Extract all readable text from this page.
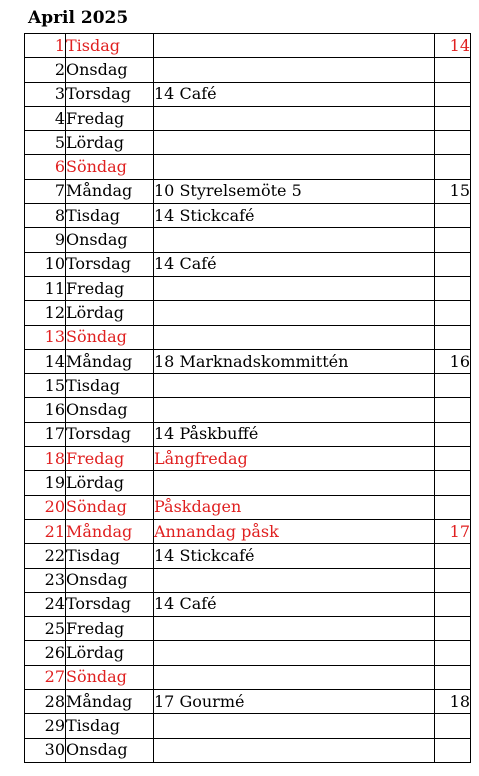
April 2025
1	Tisdag		14
2	Onsdag		
3	Torsdag	14 Café	
4	Fredag		
5	Lördag		
6	Söndag		
7	Måndag	10 Styrelsemöte 5	15
8	Tisdag	14 Stickcafé	
9	Onsdag		
10	Torsdag	14 Café	
11	Fredag		
12	Lördag		
13	Söndag		
14	Måndag	18 Marknadskommittén	16
15	Tisdag		
16	Onsdag		
17	Torsdag	14 Påskbuffé	
18	Fredag	Långfredag	
19	Lördag		
20	Söndag	Påskdagen	
21	Måndag	Annandag påsk	17
22	Tisdag	14 Stickcafé	
23	Onsdag		
24	Torsdag	14 Café	
25	Fredag		
26	Lördag		
27	Söndag		
28	Måndag	17 Gourmé	18
29	Tisdag		
30	Onsdag		
